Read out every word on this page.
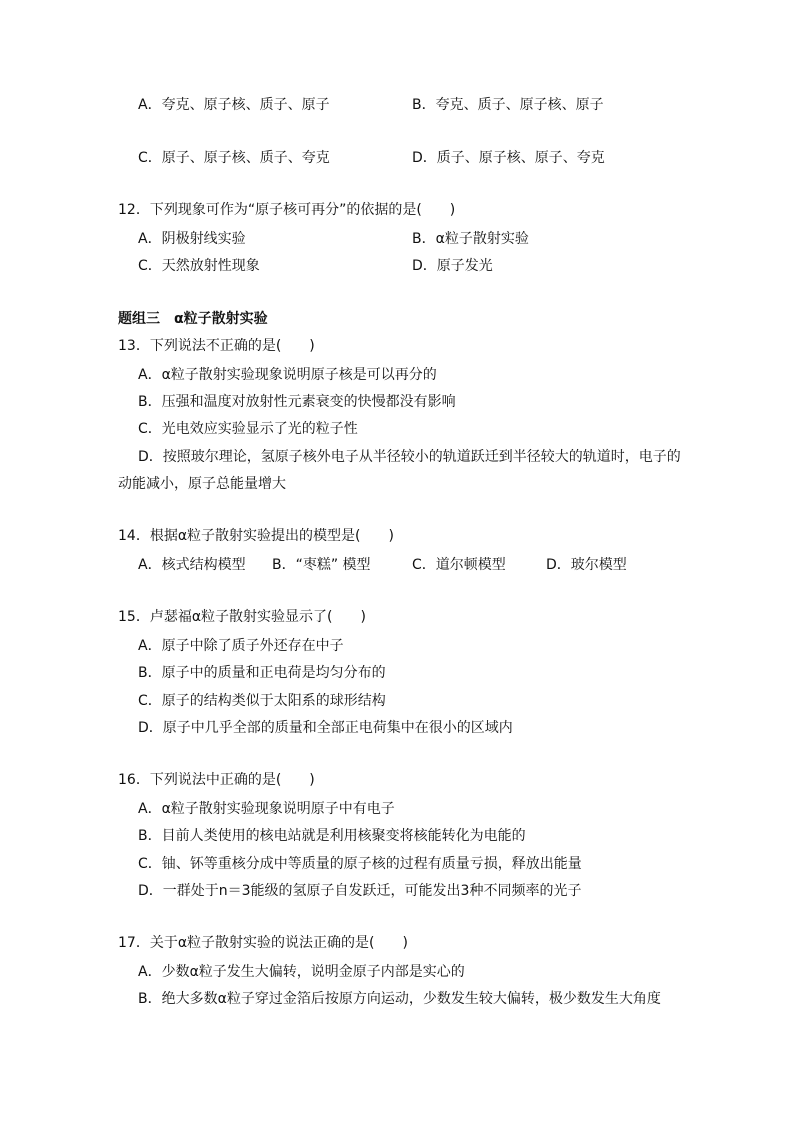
A．夸克、原子核、质子、原子	B．夸克、质子、原子核、原子
C．原子、原子核、质子、夸克	D．质子、原子核、原子、夸克
12．下列现象可作为“原子核可再分”的依据的是(　　)
A．阴极射线实验	B．α粒子散射实验
C．天然放射性现象	D．原子发光
题组三　α粒子散射实验
13．下列说法不正确的是(　　)
A．α粒子散射实验现象说明原子核是可以再分的
B．压强和温度对放射性元素衰变的快慢都没有影响
C．光电效应实验显示了光的粒子性
D．按照玻尔理论，氢原子核外电子从半径较小的轨道跃迁到半径较大的轨道时，电子的
动能减小，原子总能量增大
14．根据α粒子散射实验提出的模型是(　　)
A．核式结构模型 B．“枣糕” 模型	C．道尔顿模型	D．玻尔模型
15．卢瑟福α粒子散射实验显示了(　　)
A．原子中除了质子外还存在中子
B．原子中的质量和正电荷是均匀分布的
C．原子的结构类似于太阳系的球形结构
D．原子中几乎全部的质量和全部正电荷集中在很小的区域内
16．下列说法中正确的是(　　)
A．α粒子散射实验现象说明原子中有电子
B．目前人类使用的核电站就是利用核聚变将核能转化为电能的
C．铀、钚等重核分成中等质量的原子核的过程有质量亏损，释放出能量
D．一群处于n＝3能级的氢原子自发跃迁，可能发出3种不同频率的光子
17．关于α粒子散射实验的说法正确的是(　　)
A．少数α粒子发生大偏转，说明金原子内部是实心的
B．绝大多数α粒子穿过金箔后按原方向运动，少数发生较大偏转，极少数发生大角度
